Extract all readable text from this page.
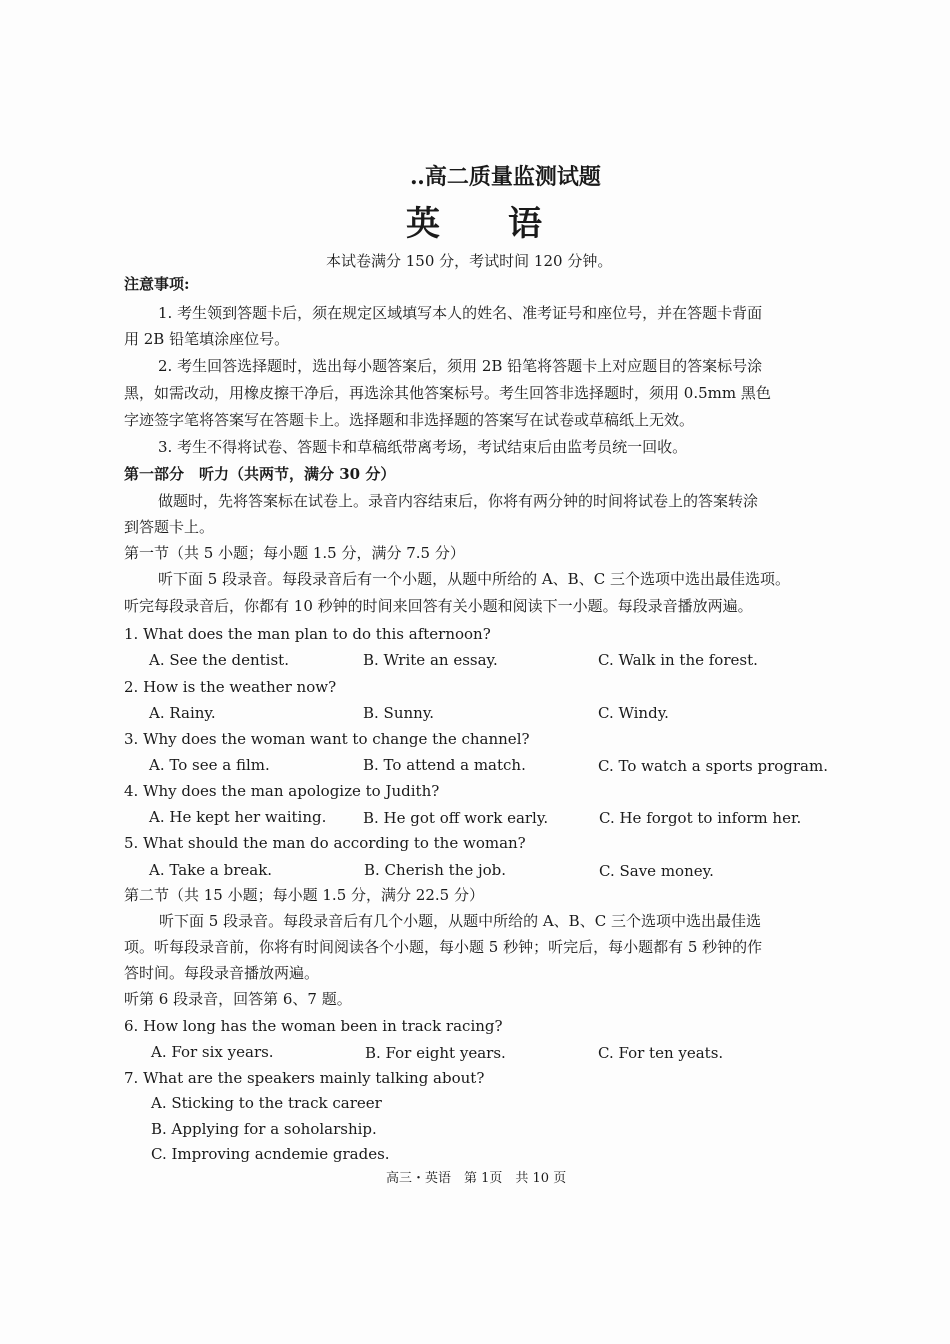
‥高二质量监测试题
英 语
本试卷满分 150 分，考试时间 120 分钟。
注意事项:
1. 考生领到答题卡后，须在规定区域填写本人的姓名、准考证号和座位号，并在答题卡背面
用 2B 铅笔填涂座位号。
2. 考生回答选择题时，选出每小题答案后，须用 2B 铅笔将答题卡上对应题目的答案标号涂
黑，如需改动，用橡皮擦干净后，再选涂其他答案标号。考生回答非选择题时，须用 0.5mm 黑色
字迹签字笔将答案写在答题卡上。选择题和非选择题的答案写在试卷或草稿纸上无效。
3. 考生不得将试卷、答题卡和草稿纸带离考场，考试结束后由监考员统一回收。
第一部分　听力（共两节，满分 30 分）
做题时，先将答案标在试卷上。录音内容结束后，你将有两分钟的时间将试卷上的答案转涂
到答题卡上。
第一节（共 5 小题；每小题 1.5 分，满分 7.5 分）
听下面 5 段录音。每段录音后有一个小题，从题中所给的 A、B、C 三个选项中选出最佳选项。
听完每段录音后，你都有 10 秒钟的时间来回答有关小题和阅读下一小题。每段录音播放两遍。
1. What does the man plan to do this afternoon?
A. See the dentist.	B. Write an essay.	C. Walk in the forest.
2. How is the weather now?
A. Rainy.	B. Sunny.	C. Windy.
3. Why does the woman want to change the channel?
A. To see a film.	B. To attend a match.	C. To watch a sports program.
4. Why does the man apologize to Judith?
A. He kept her waiting. B. He got off work early.	C. He forgot to inform her.
5. What should the man do according to the woman?
A. Take a break.	B. Cherish the job.	C. Save money.
第二节（共 15 小题；每小题 1.5 分，满分 22.5 分）
听下面 5 段录音。每段录音后有几个小题，从题中所给的 A、B、C 三个选项中选出最佳选
项。听每段录音前，你将有时间阅读各个小题，每小题 5 秒钟；听完后，每小题都有 5 秒钟的作
答时间。每段录音播放两遍。
听第 6 段录音，回答第 6、7 题。
6. How long has the woman been in track racing?
A. For six years.	B. For eight years.	C. For ten yeats.
7. What are the speakers mainly talking about?
A. Sticking to the track career
B. Applying for a soholarship.
C. Improving acndemie grades.
高三・英语　第 1页　共 10 页
